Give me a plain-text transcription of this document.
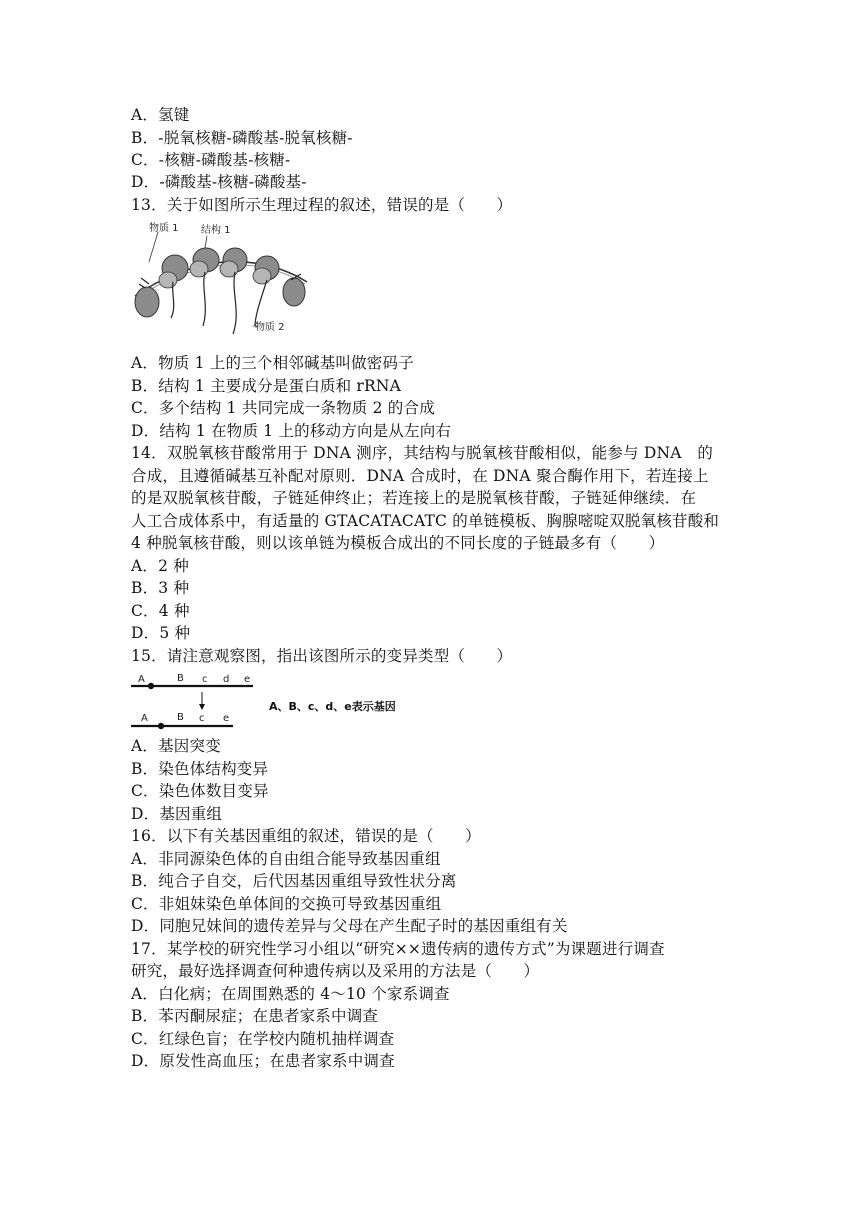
A．氢键
B．-脱氧核糖-磷酸基-脱氧核糖-
C．-核糖-磷酸基-核糖-
D．-磷酸基-核糖-磷酸基-
13．关于如图所示生理过程的叙述，错误的是（　　）
物质 1 结构 1
物质 2
A．物质 1 上的三个相邻碱基叫做密码子
B．结构 1 主要成分是蛋白质和 rRNA
C．多个结构 1 共同完成一条物质 2 的合成
D．结构 1 在物质 1 上的移动方向是从左向右
14．双脱氧核苷酸常用于 DNA 测序，其结构与脱氧核苷酸相似，能参与 DNA　的
合成，且遵循碱基互补配对原则．DNA 合成时，在 DNA 聚合酶作用下，若连接上
的是双脱氧核苷酸，子链延伸终止；若连接上的是脱氧核苷酸，子链延伸继续．在
人工合成体系中，有适量的 GTACATACATC 的单链模板、胸腺嘧啶双脱氧核苷酸和
4 种脱氧核苷酸，则以该单链为模板合成出的不同长度的子链最多有（　　）
A．2 种
B．3 种
C．4 种
D．5 种
15．请注意观察图，指出该图所示的变异类型（　　）
A	B c d e
A	B c e
A、B、c、d、e表示基因
A．基因突变
B．染色体结构变异
C．染色体数目变异
D．基因重组
16．以下有关基因重组的叙述，错误的是（　　）
A．非同源染色体的自由组合能导致基因重组
B．纯合子自交，后代因基因重组导致性状分离
C．非姐妹染色单体间的交换可导致基因重组
D．同胞兄妹间的遗传差异与父母在产生配子时的基因重组有关
17．某学校的研究性学习小组以“研究××遗传病的遗传方式”为课题进行调查
研究，最好选择调查何种遗传病以及采用的方法是（　　）
A．白化病；在周围熟悉的 4～10 个家系调查
B．苯丙酮尿症；在患者家系中调查
C．红绿色盲；在学校内随机抽样调查
D．原发性高血压；在患者家系中调查
